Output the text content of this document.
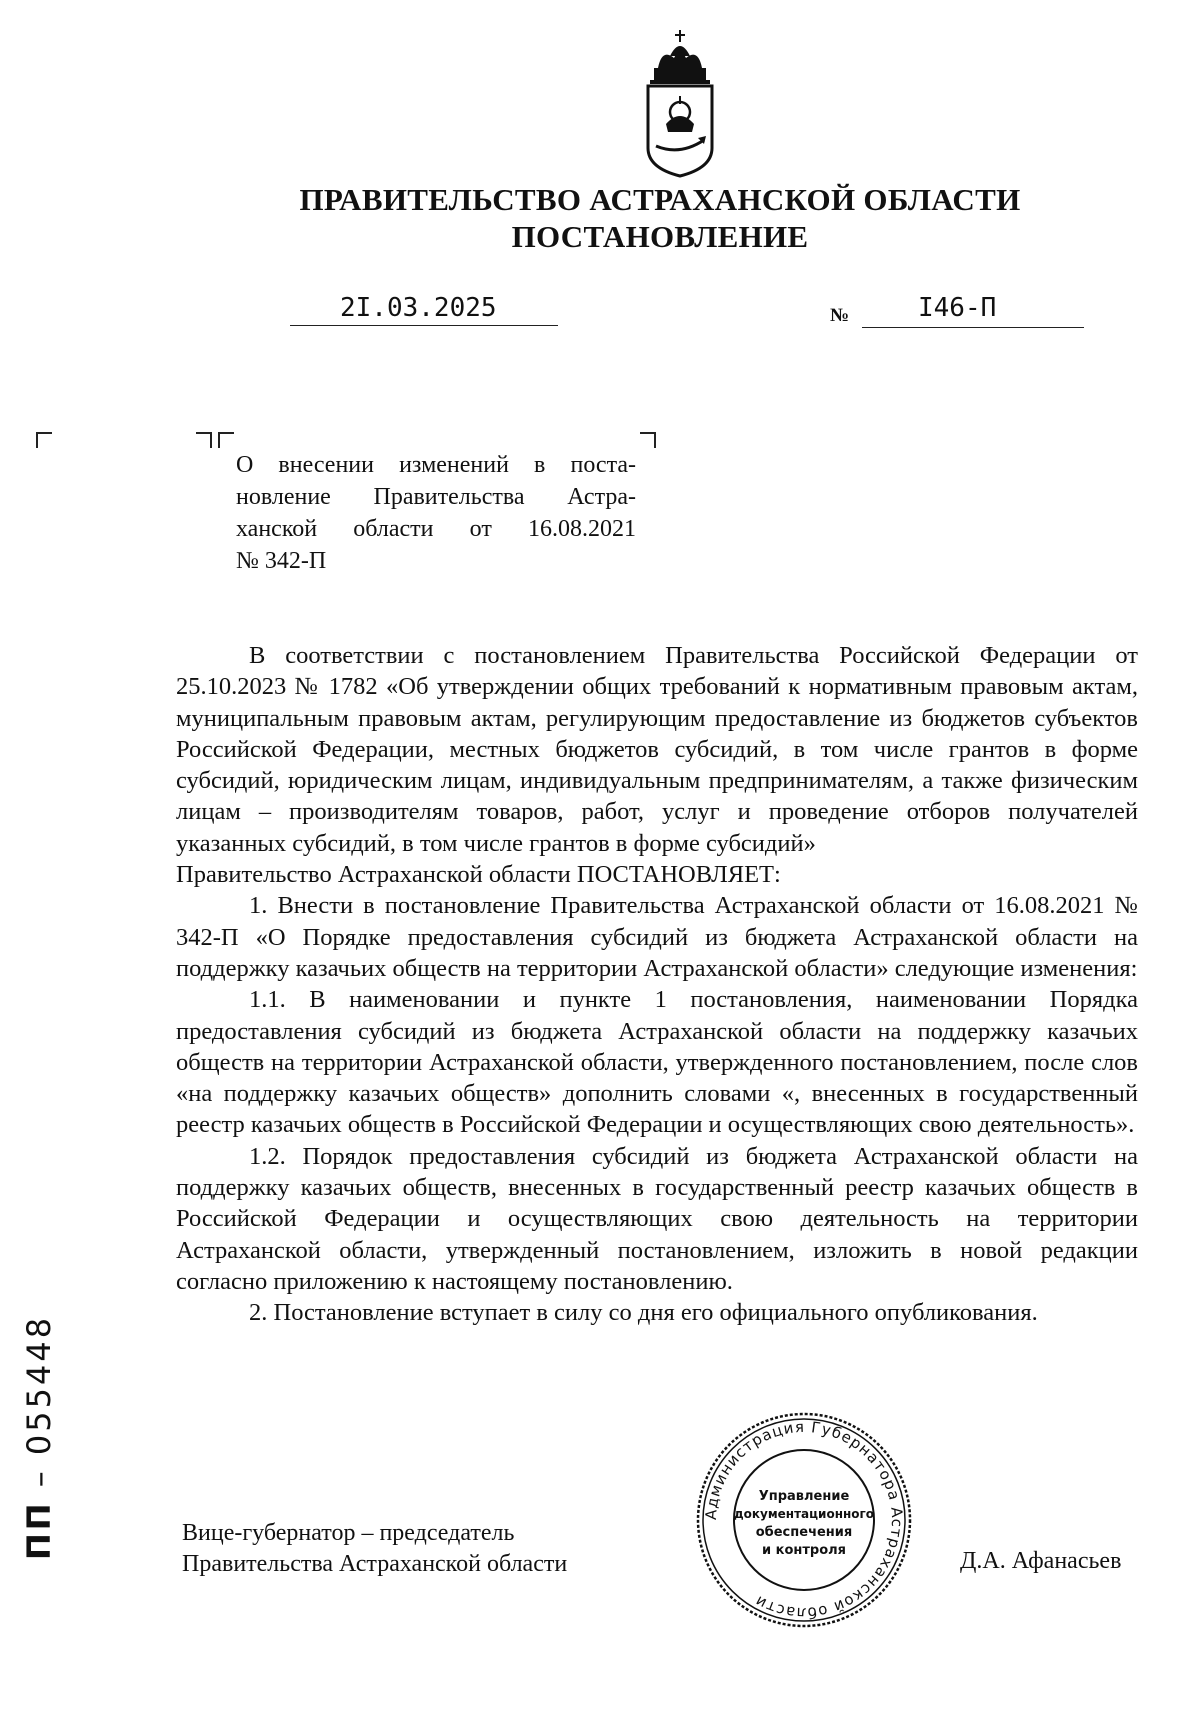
ПРАВИТЕЛЬСТВО АСТРАХАНСКОЙ ОБЛАСТИ
ПОСТАНОВЛЕНИЕ
2I.03.2025	№	I46-П
О внесении изменений в поста-
новление Правительства Астра-
ханской области от 16.08.2021
№ 342-П

В соответствии с постановлением Правительства Российской Федерации от 25.10.2023 № 1782 «Об утверждении общих требований к нормативным правовым актам, муниципальным правовым актам, регулирующим предоставление из бюджетов субъектов Российской Федерации, местных бюджетов субсидий, в том числе грантов в форме субсидий, юридическим лицам, индивидуальным предпринимателям, а также физическим лицам – производителям товаров, работ, услуг и проведение отборов получателей указанных субсидий, в том числе грантов в форме субсидий»

Правительство Астраханской области ПОСТАНОВЛЯЕТ:

1. Внести в постановление Правительства Астраханской области от 16.08.2021 № 342-П «О Порядке предоставления субсидий из бюджета Астраханской области на поддержку казачьих обществ на территории Астраханской области» следующие изменения:

1.1. В наименовании и пункте 1 постановления, наименовании Порядка предоставления субсидий из бюджета Астраханской области на поддержку казачьих обществ на территории Астраханской области, утвержденного постановлением, после слов «на поддержку казачьих обществ» дополнить словами «, внесенных в государственный реестр казачьих обществ в Российской Федерации и осуществляющих свою деятельность».

1.2. Порядок предоставления субсидий из бюджета Астраханской области на поддержку казачьих обществ, внесенных в государственный реестр казачьих обществ в Российской Федерации и осуществляющих свою деятельность на территории Астраханской области, утвержденный постановлением, изложить в новой редакции согласно приложению к настоящему постановлению.

2. Постановление вступает в силу со дня его официального опубликования.

Вице-губернатор – председатель
Правительства Астраханской области	Д.А. Афанасьев
Администрация Губернатора Астраханской области
Управление
документационного
обеспечения
и контроля
ПП – 055448
